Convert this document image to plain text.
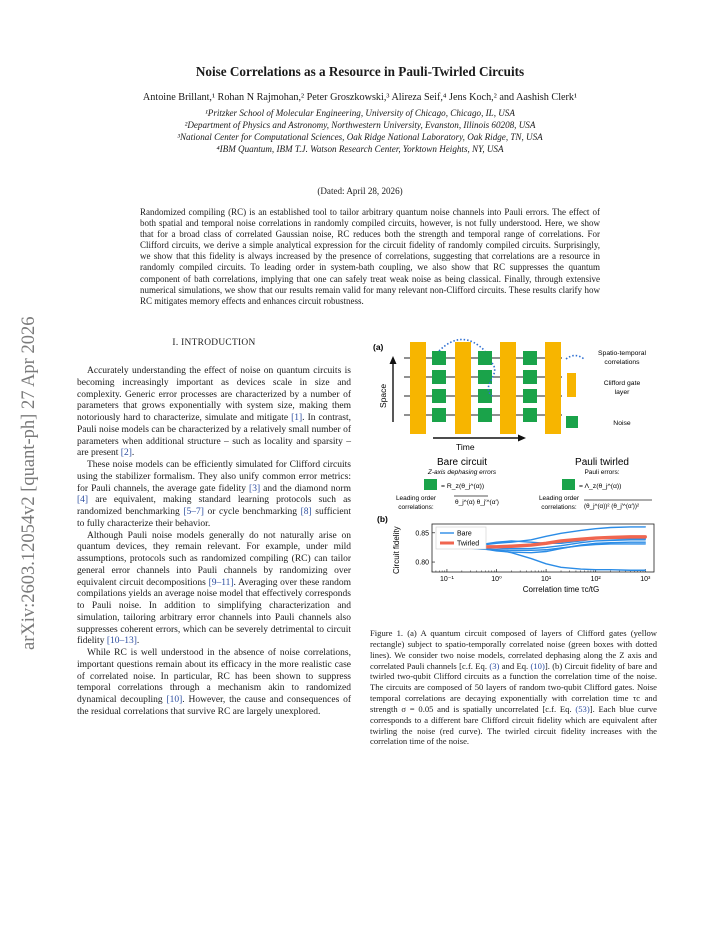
arXiv:2603.12054v2 [quant-ph] 27 Apr 2026
Noise Correlations as a Resource in Pauli-Twirled Circuits
Antoine Brillant,¹ Rohan N Rajmohan,² Peter Groszkowski,³ Alireza Seif,⁴ Jens Koch,² and Aashish Clerk¹
¹Pritzker School of Molecular Engineering, University of Chicago, Chicago, IL, USA
²Department of Physics and Astronomy, Northwestern University, Evanston, Illinois 60208, USA
³National Center for Computational Sciences, Oak Ridge National Laboratory, Oak Ridge, TN, USA
⁴IBM Quantum, IBM T.J. Watson Research Center, Yorktown Heights, NY, USA
(Dated: April 28, 2026)
Randomized compiling (RC) is an established tool to tailor arbitrary quantum noise channels into Pauli errors. The effect of both spatial and temporal noise correlations in randomly compiled circuits, however, is not fully understood. Here, we show that for a broad class of correlated Gaussian noise, RC reduces both the strength and temporal range of correlations. For Clifford circuits, we derive a simple analytical expression for the circuit fidelity of randomly compiled circuits. Surprisingly, we show that this fidelity is always increased by the presence of correlations, suggesting that correlations are a resource in randomly compiled circuits. To leading order in system-bath coupling, we also show that RC suppresses the quantum component of bath correlations, implying that one can safely treat weak noise as being classical. Finally, through extensive numerical simulations, we show that our results remain valid for many relevant non-Clifford circuits. These results clarify how RC mitigates memory effects and enhances circuit robustness.
I. INTRODUCTION

Accurately understanding the effect of noise on quantum circuits is becoming increasingly important as devices scale in size and complexity. Generic error processes are characterized by a number of parameters that grows exponentially with system size, making them notoriously hard to characterize, simulate and mitigate [1]. In contrast, Pauli noise models can be characterized by a relatively small number of parameters when additional structure – such as locality and sparsity – are present [2].

These noise models can be efficiently simulated for Clifford circuits using the stabilizer formalism. They also unify common error metrics: for Pauli channels, the average gate fidelity [3] and the diamond norm [4] are equivalent, making standard learning protocols such as randomized benchmarking [5–7] or cycle benchmarking [8] sufficient to fully characterize their behavior.

Although Pauli noise models generally do not naturally arise on quantum devices, they remain relevant. For example, under mild assumptions, protocols such as randomized compiling (RC) can tailor general error channels into Pauli channels by randomizing over equivalent circuit decompositions [9–11]. Averaging over these random compilations yields an average noise model that effectively corresponds to Pauli noise. In addition to simplifying characterization and simulation, tailoring arbitrary error channels into Pauli channels also suppresses coherent errors, which can be severely detrimental to circuit fidelity [10–13].

While RC is well understood in the absence of noise correlations, important questions remain about its efficacy in the more realistic case of correlated noise. In particular, RC has been shown to suppress temporal correlations through a mechanism akin to randomized dynamical decoupling [10]. However, the cause and consequences of the residual correlations that survive RC are largely unexplored.

(a)
Space
Time
Spatio-temporal
correlations
Clifford gate
layer
Noise
Bare circuit
Z-axis dephasing errors
= R_z(θ_j^(α))
Pauli twirled
Pauli errors:
= Λ_z(θ_j^(α))
Leading order
correlations:
θ_j^(α) θ_j′^(α′)
Leading order
correlations: (θ_j^(α))² (θ_j′^(α′))²
(b)
10⁻¹	10⁰	10¹	10²	10³
0.80
0.85
Circuit fidelity
Correlation time τc/tG
Bare
Twirled
Figure 1. (a) A quantum circuit composed of layers of Clifford gates (yellow rectangle) subject to spatio-temporally correlated noise (green boxes with dotted lines). We consider two noise models, correlated dephasing along the Z axis and correlated Pauli channels [c.f. Eq. (3) and Eq. (10)]. (b) Circuit fidelity of bare and twirled two-qubit Clifford circuits as a function the correlation time of the noise. The circuits are composed of 50 layers of random two-qubit Clifford gates. Noise temporal correlations are decaying exponentially with correlation time τc and strength σ = 0.05 and is spatially uncorrelated [c.f. Eq. (53)]. Each blue curve corresponds to a different bare Clifford circuit fidelity which are equivalent after twirling the noise (red curve). The twirled circuit fidelity increases with the correlation time of the noise.
